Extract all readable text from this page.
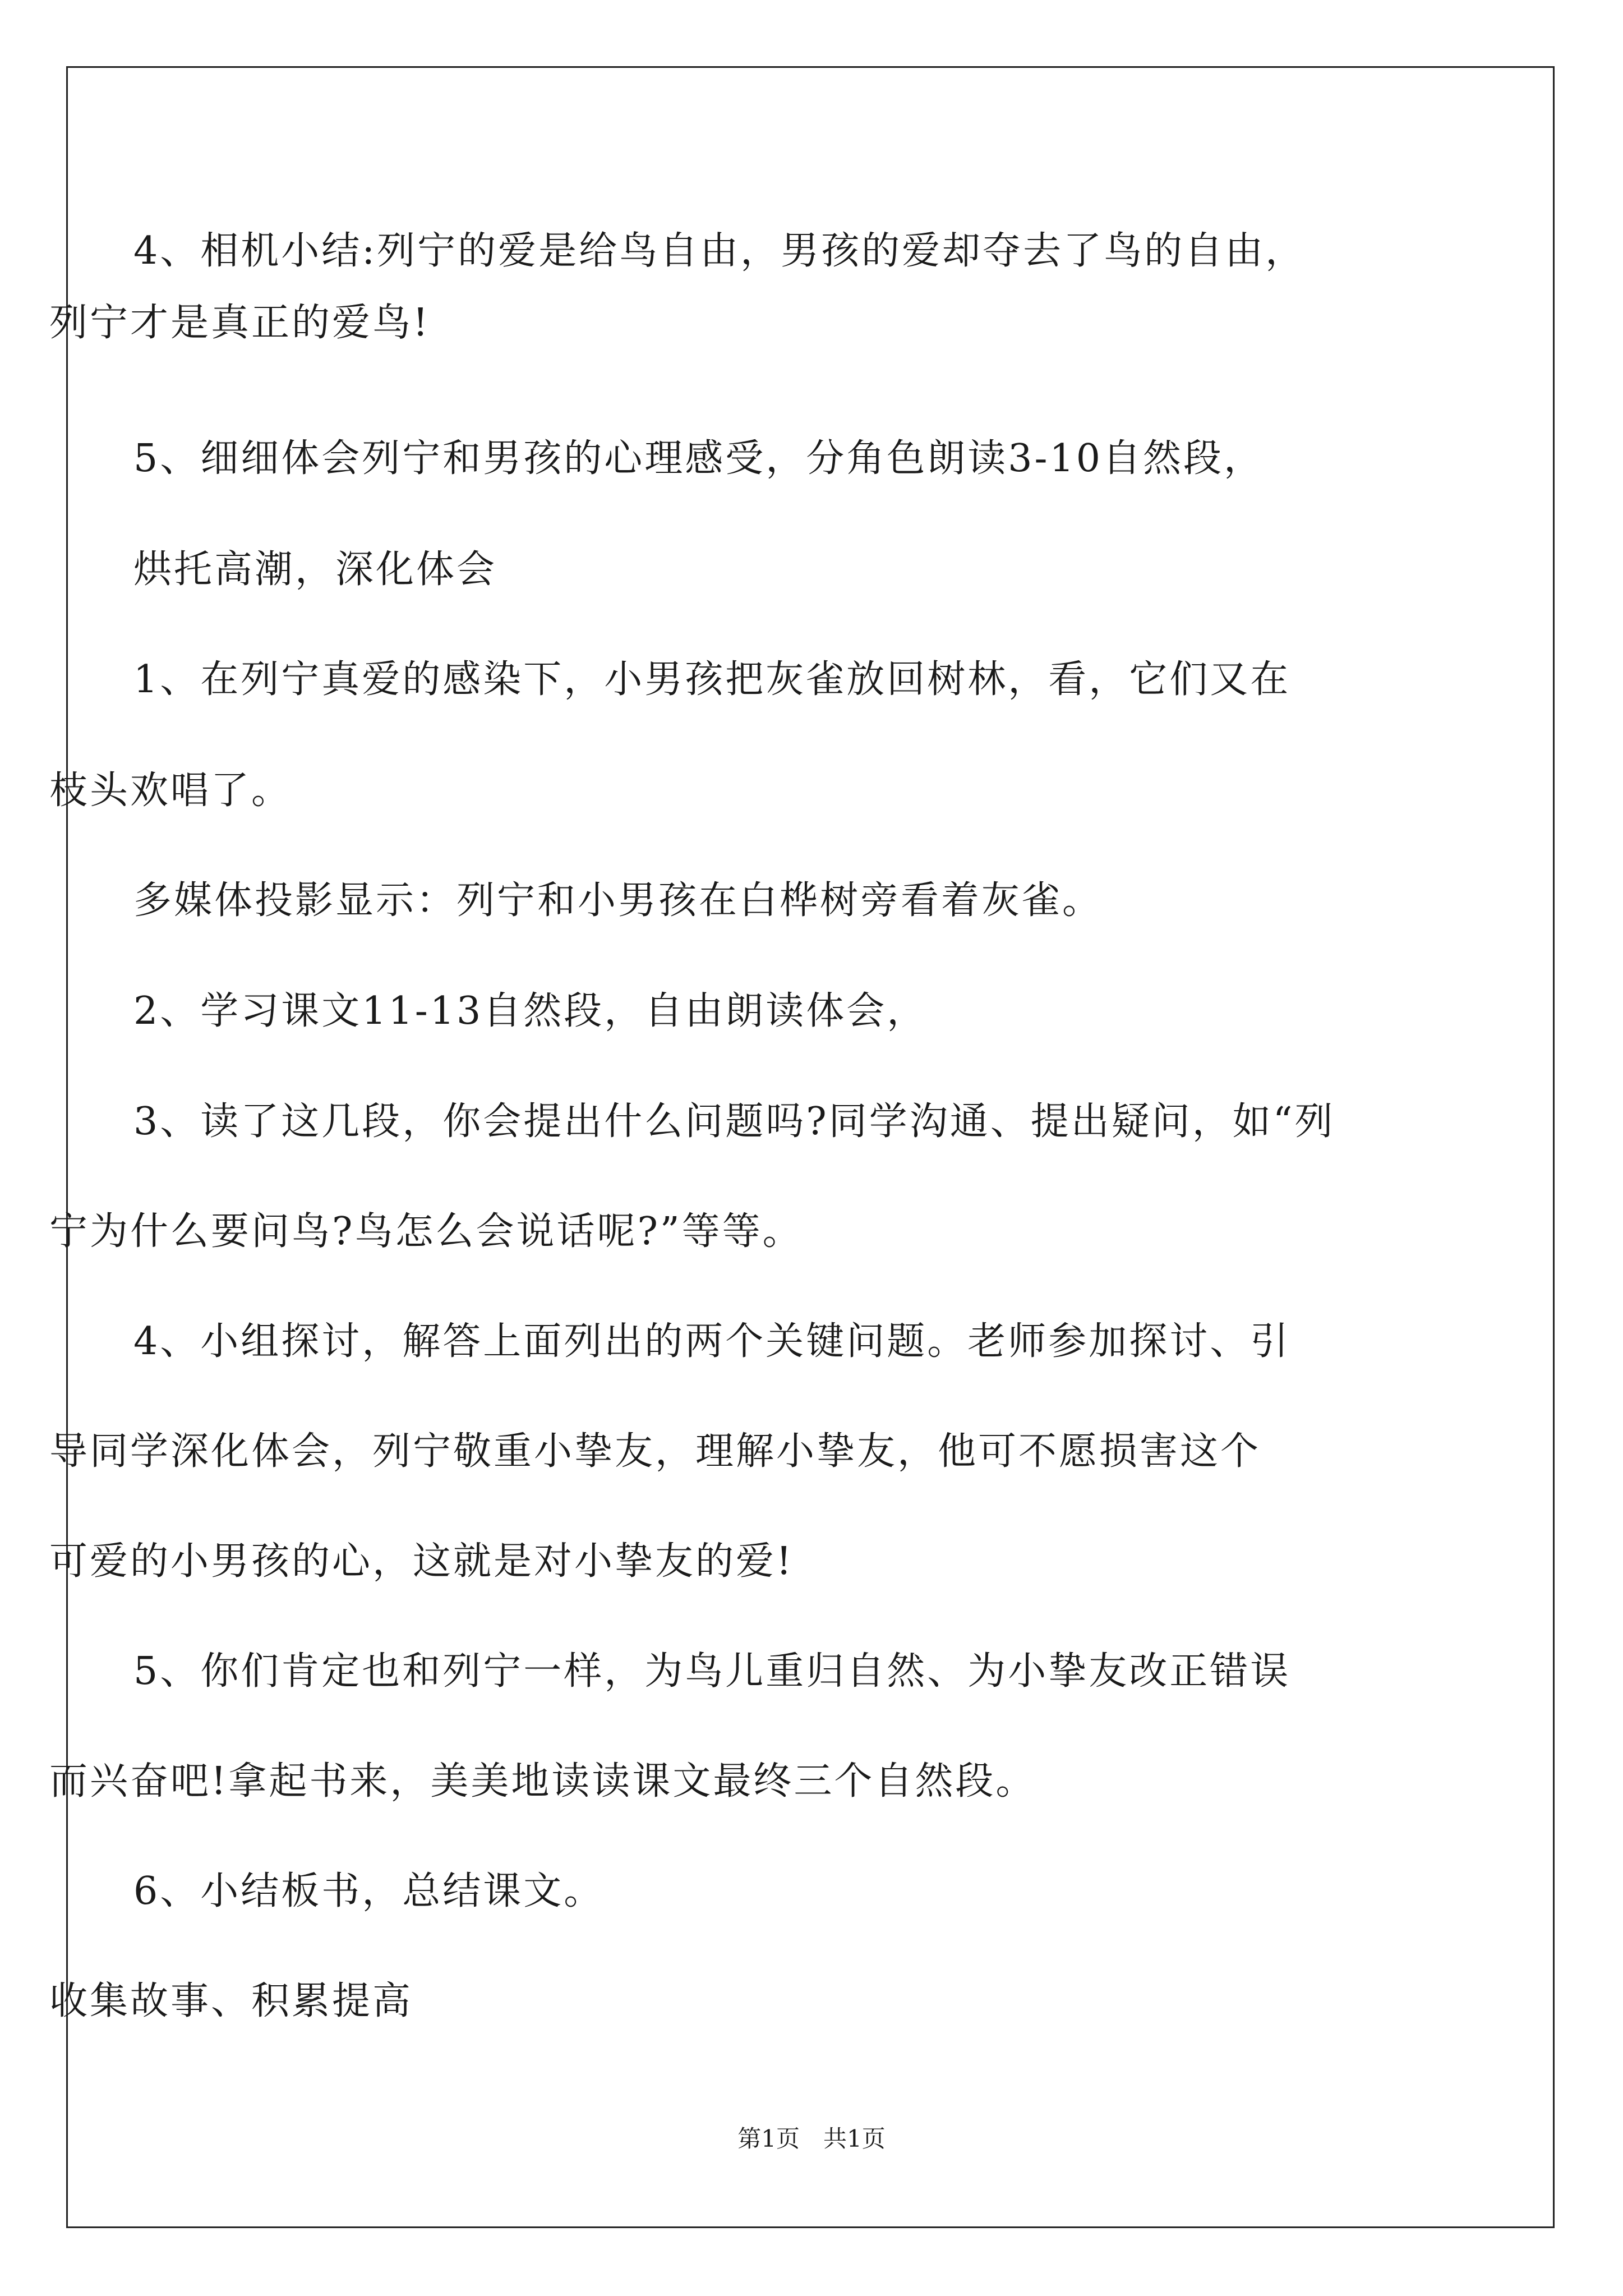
4、相机小结:列宁的爱是给鸟自由，男孩的爱却夺去了鸟的自由，
列宁才是真正的爱鸟!
5、细细体会列宁和男孩的心理感受，分角色朗读3-10自然段，
烘托高潮，深化体会
1、在列宁真爱的感染下，小男孩把灰雀放回树林，看，它们又在
枝头欢唱了。
多媒体投影显示：列宁和小男孩在白桦树旁看着灰雀。
2、学习课文11-13自然段，自由朗读体会，
3、读了这几段，你会提出什么问题吗?同学沟通、提出疑问，如“列
宁为什么要问鸟?鸟怎么会说话呢?”等等。
4、小组探讨，解答上面列出的两个关键问题。老师参加探讨、引
导同学深化体会，列宁敬重小挚友，理解小挚友，他可不愿损害这个
可爱的小男孩的心，这就是对小挚友的爱!
5、你们肯定也和列宁一样，为鸟儿重归自然、为小挚友改正错误
而兴奋吧!拿起书来，美美地读读课文最终三个自然段。
6、小结板书，总结课文。
收集故事、积累提高
第1页　共1页
